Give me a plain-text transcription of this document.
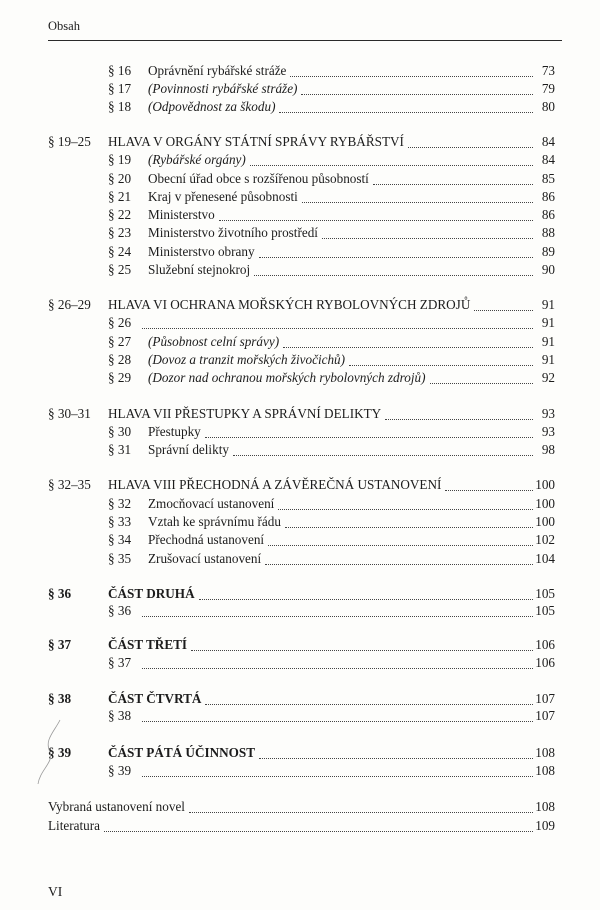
Obsah
§ 16 Oprávnění rybářské stráže	73
§ 17 (Povinnosti rybářské stráže)	79
§ 18 (Odpovědnost za škodu)	80
§ 19–25 HLAVA V ORGÁNY STÁTNÍ SPRÁVY RYBÁŘSTVÍ	84
§ 19 (Rybářské orgány)	84
§ 20 Obecní úřad obce s rozšířenou působností	85
§ 21 Kraj v přenesené působnosti	86
§ 22 Ministerstvo	86
§ 23 Ministerstvo životního prostředí	88
§ 24 Ministerstvo obrany	89
§ 25 Služební stejnokroj	90
§ 26–29 HLAVA VI OCHRANA MOŘSKÝCH RYBOLOVNÝCH ZDROJŮ	91
§ 26	91
§ 27 (Působnost celní správy)	91
§ 28 (Dovoz a tranzit mořských živočichů)	91
§ 29 (Dozor nad ochranou mořských rybolovných zdrojů)	92
§ 30–31 HLAVA VII PŘESTUPKY A SPRÁVNÍ DELIKTY	93
§ 30 Přestupky	93
§ 31 Správní delikty	98
§ 32–35 HLAVA VIII PŘECHODNÁ A ZÁVĚREČNÁ USTANOVENÍ	100
§ 32 Zmocňovací ustanovení	100
§ 33 Vztah ke správnímu řádu	100
§ 34 Přechodná ustanovení	102
§ 35 Zrušovací ustanovení	104
§ 36	ČÁST DRUHÁ	105
§ 36	105
§ 37	ČÁST TŘETÍ	106
§ 37	106
§ 38	ČÁST ČTVRTÁ	107
§ 38	107
§ 39	ČÁST PÁTÁ ÚČINNOST	108
§ 39	108
Vybraná ustanovení novel	108
Literatura	109
VI
